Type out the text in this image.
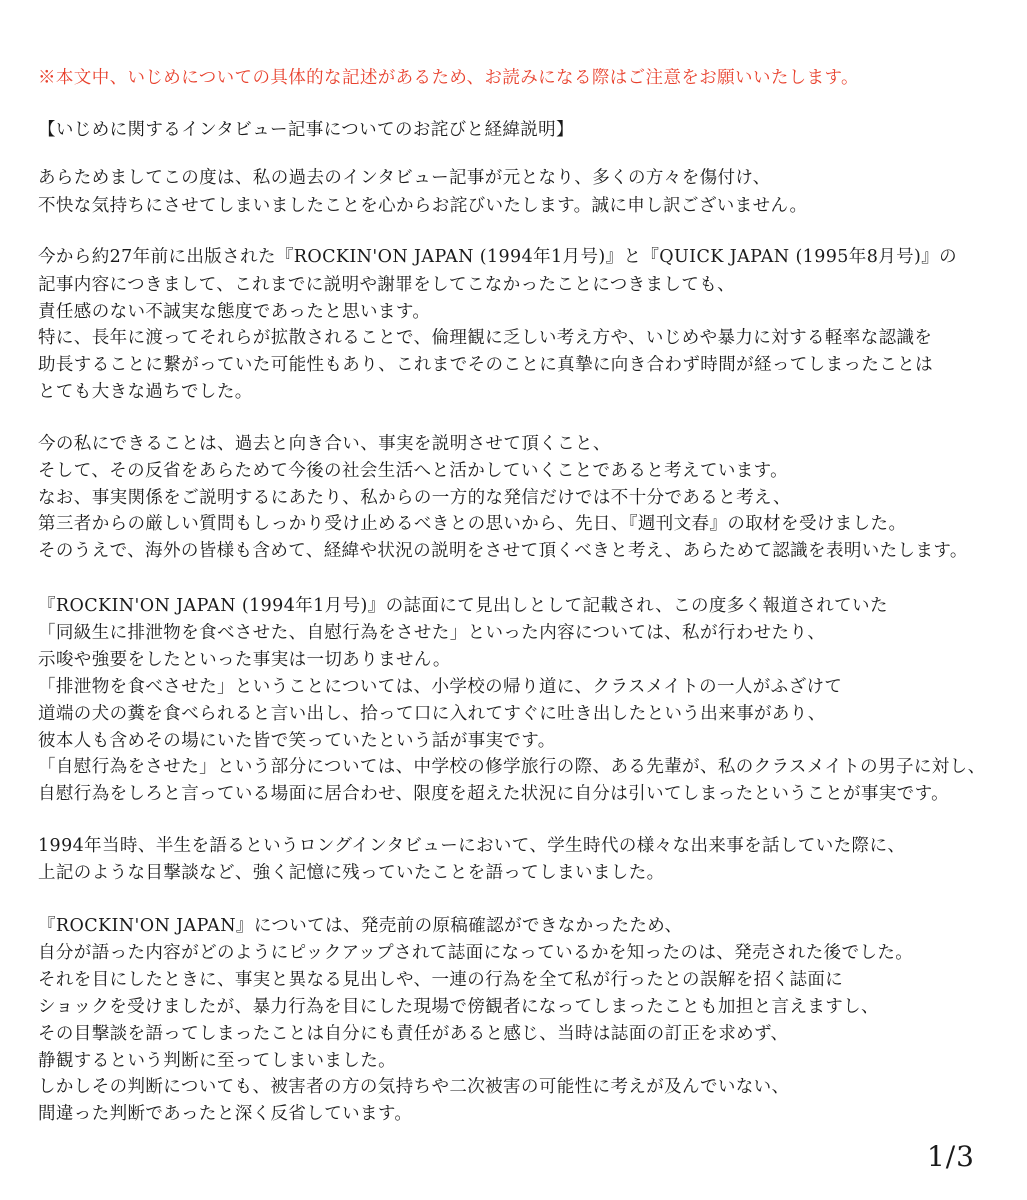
※本文中、いじめについての具体的な記述があるため、お読みになる際はご注意をお願いいたします。
【いじめに関するインタビュー記事についてのお詫びと経緯説明】
あらためましてこの度は、私の過去のインタビュー記事が元となり、多くの方々を傷付け、
不快な気持ちにさせてしまいましたことを心からお詫びいたします。誠に申し訳ございません。
今から約27年前に出版された『ROCKIN'ON JAPAN (1994年1月号)』と『QUICK JAPAN (1995年8月号)』の
記事内容につきまして、これまでに説明や謝罪をしてこなかったことにつきましても、
責任感のない不誠実な態度であったと思います。
特に、長年に渡ってそれらが拡散されることで、倫理観に乏しい考え方や、いじめや暴力に対する軽率な認識を
助長することに繋がっていた可能性もあり、これまでそのことに真摯に向き合わず時間が経ってしまったことは
とても大きな過ちでした。
今の私にできることは、過去と向き合い、事実を説明させて頂くこと、
そして、その反省をあらためて今後の社会生活へと活かしていくことであると考えています。
なお、事実関係をご説明するにあたり、私からの一方的な発信だけでは不十分であると考え、
第三者からの厳しい質問もしっかり受け止めるべきとの思いから、先日、『週刊文春』の取材を受けました。
そのうえで、海外の皆様も含めて、経緯や状況の説明をさせて頂くべきと考え、あらためて認識を表明いたします。
『ROCKIN'ON JAPAN (1994年1月号)』の誌面にて見出しとして記載され、この度多く報道されていた
「同級生に排泄物を食べさせた、自慰行為をさせた」といった内容については、私が行わせたり、
示唆や強要をしたといった事実は一切ありません。
「排泄物を食べさせた」ということについては、小学校の帰り道に、クラスメイトの一人がふざけて
道端の犬の糞を食べられると言い出し、拾って口に入れてすぐに吐き出したという出来事があり、
彼本人も含めその場にいた皆で笑っていたという話が事実です。
「自慰行為をさせた」という部分については、中学校の修学旅行の際、ある先輩が、私のクラスメイトの男子に対し、
自慰行為をしろと言っている場面に居合わせ、限度を超えた状況に自分は引いてしまったということが事実です。
1994年当時、半生を語るというロングインタビューにおいて、学生時代の様々な出来事を話していた際に、
上記のような目撃談など、強く記憶に残っていたことを語ってしまいました。
『ROCKIN'ON JAPAN』については、発売前の原稿確認ができなかったため、
自分が語った内容がどのようにピックアップされて誌面になっているかを知ったのは、発売された後でした。
それを目にしたときに、事実と異なる見出しや、一連の行為を全て私が行ったとの誤解を招く誌面に
ショックを受けましたが、暴力行為を目にした現場で傍観者になってしまったことも加担と言えますし、
その目撃談を語ってしまったことは自分にも責任があると感じ、当時は誌面の訂正を求めず、
静観するという判断に至ってしまいました。
しかしその判断についても、被害者の方の気持ちや二次被害の可能性に考えが及んでいない、
間違った判断であったと深く反省しています。
1/3
